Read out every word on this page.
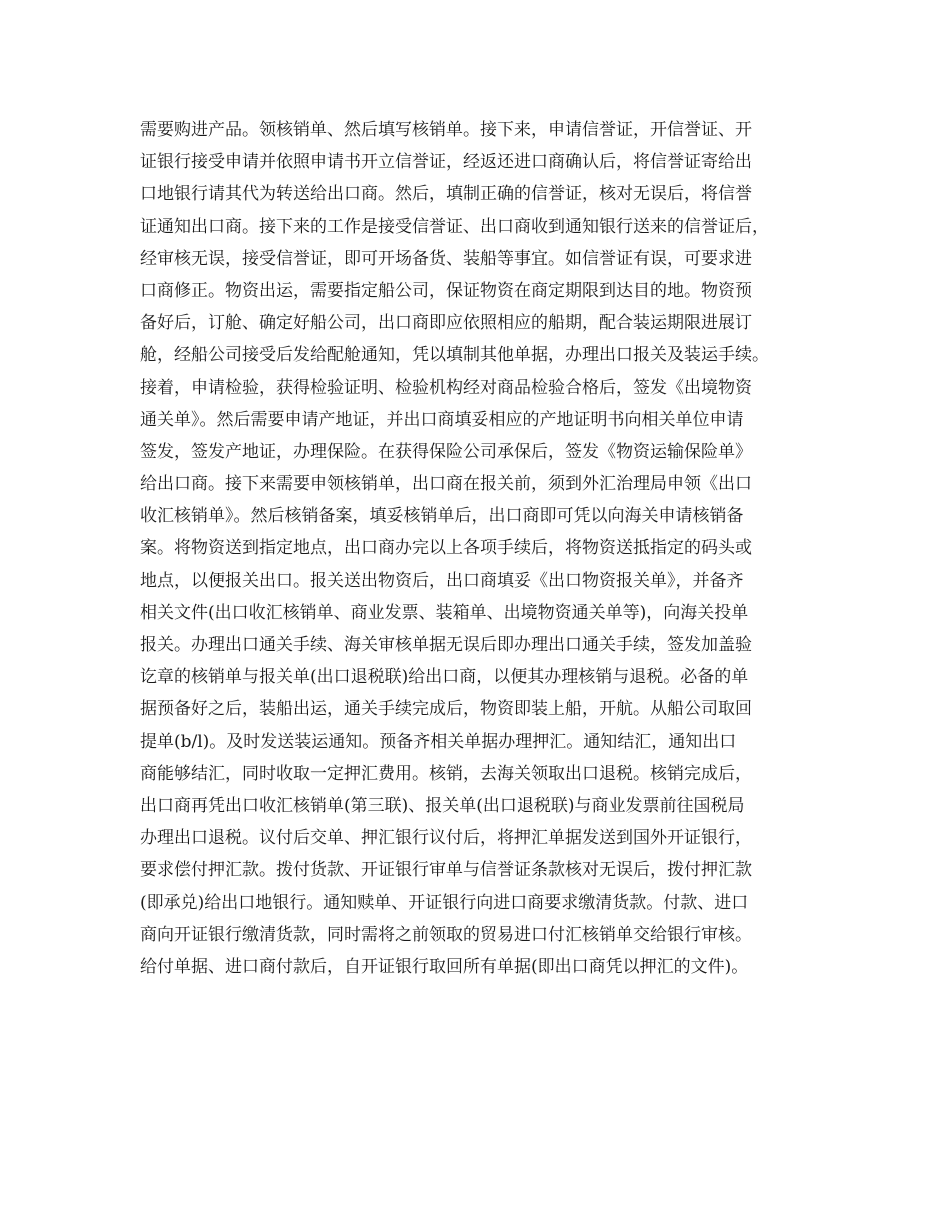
需要购进产品。领核销单、然后填写核销单。接下来，申请信誉证，开信誉证、开
证银行接受申请并依照申请书开立信誉证，经返还进口商确认后，将信誉证寄给出
口地银行请其代为转送给出口商。然后，填制正确的信誉证，核对无误后，将信誉
证通知出口商。接下来的工作是接受信誉证、出口商收到通知银行送来的信誉证后，
经审核无误，接受信誉证，即可开场备货、装船等事宜。如信誉证有误，可要求进
口商修正。物资出运，需要指定船公司，保证物资在商定期限到达目的地。物资预
备好后，订舱、确定好船公司，出口商即应依照相应的船期，配合装运期限进展订
舱，经船公司接受后发给配舱通知，凭以填制其他单据，办理出口报关及装运手续。
接着，申请检验，获得检验证明、检验机构经对商品检验合格后，签发《出境物资
通关单》。然后需要申请产地证，并出口商填妥相应的产地证明书向相关单位申请
签发，签发产地证，办理保险。在获得保险公司承保后，签发《物资运输保险单》
给出口商。接下来需要申领核销单，出口商在报关前，须到外汇治理局申领《出口
收汇核销单》。然后核销备案，填妥核销单后，出口商即可凭以向海关申请核销备
案。将物资送到指定地点，出口商办完以上各项手续后，将物资送抵指定的码头或
地点，以便报关出口。报关送出物资后，出口商填妥《出口物资报关单》，并备齐
相关文件(出口收汇核销单、商业发票、装箱单、出境物资通关单等)，向海关投单
报关。办理出口通关手续、海关审核单据无误后即办理出口通关手续，签发加盖验
讫章的核销单与报关单(出口退税联)给出口商，以便其办理核销与退税。必备的单
据预备好之后，装船出运，通关手续完成后，物资即装上船，开航。从船公司取回
提单(b/l)。及时发送装运通知。预备齐相关单据办理押汇。通知结汇，通知出口
商能够结汇，同时收取一定押汇费用。核销，去海关领取出口退税。核销完成后，
出口商再凭出口收汇核销单(第三联)、报关单(出口退税联)与商业发票前往国税局
办理出口退税。议付后交单、押汇银行议付后，将押汇单据发送到国外开证银行，
要求偿付押汇款。拨付货款、开证银行审单与信誉证条款核对无误后，拨付押汇款
(即承兑)给出口地银行。通知赎单、开证银行向进口商要求缴清货款。付款、进口
商向开证银行缴清货款，同时需将之前领取的贸易进口付汇核销单交给银行审核。
给付单据、进口商付款后，自开证银行取回所有单据(即出口商凭以押汇的文件)。
